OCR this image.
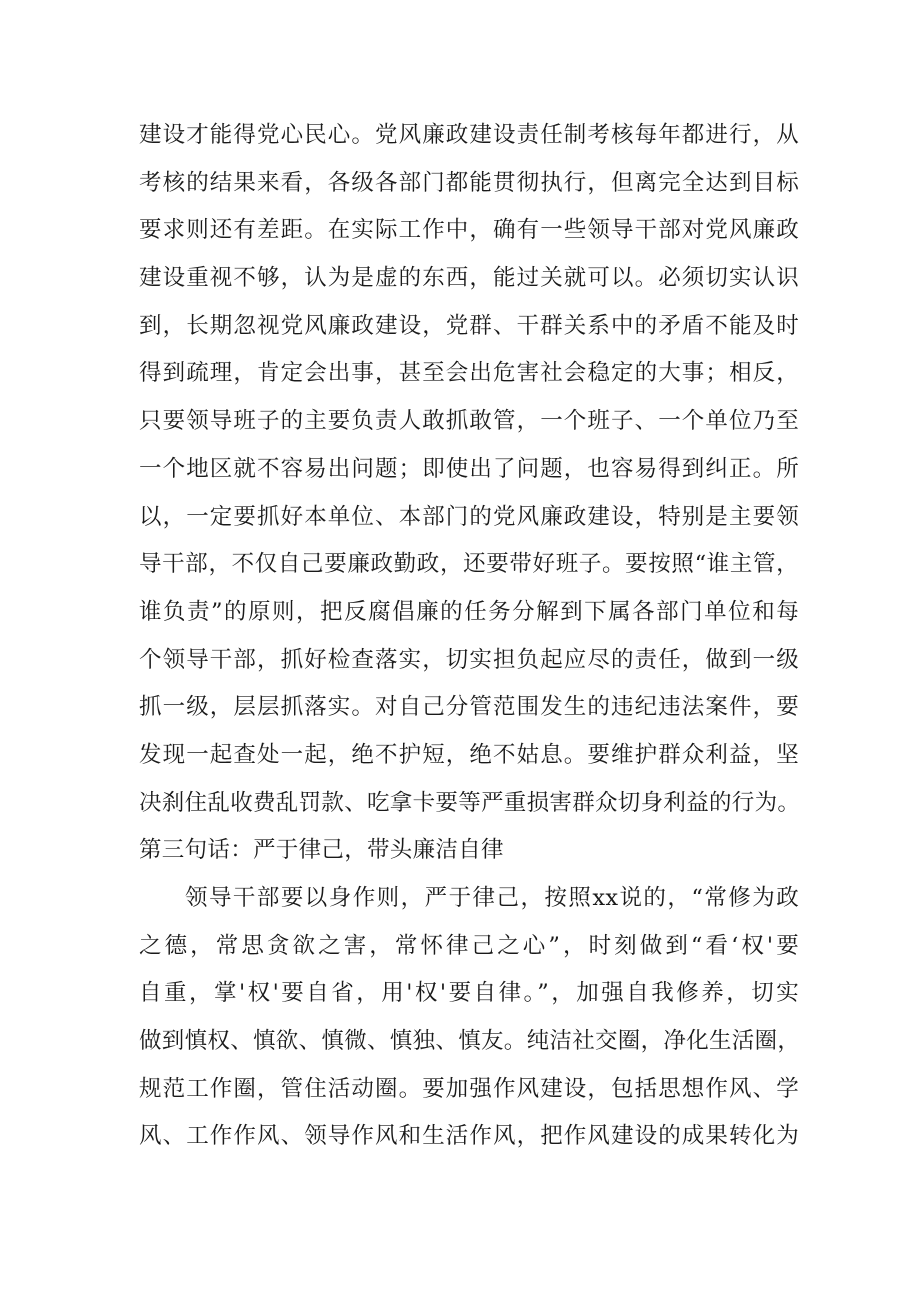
建设才能得党心民心。党风廉政建设责任制考核每年都进行，从
考核的结果来看，各级各部门都能贯彻执行，但离完全达到目标
要求则还有差距。在实际工作中，确有一些领导干部对党风廉政
建设重视不够，认为是虚的东西，能过关就可以。必须切实认识
到，长期忽视党风廉政建设，党群、干群关系中的矛盾不能及时
得到疏理，肯定会出事，甚至会出危害社会稳定的大事；相反，
只要领导班子的主要负责人敢抓敢管，一个班子、一个单位乃至
一个地区就不容易出问题；即使出了问题，也容易得到纠正。所
以，一定要抓好本单位、本部门的党风廉政建设，特别是主要领
导干部，不仅自己要廉政勤政，还要带好班子。要按照“谁主管，
谁负责”的原则，把反腐倡廉的任务分解到下属各部门单位和每
个领导干部，抓好检查落实，切实担负起应尽的责任，做到一级
抓一级，层层抓落实。对自己分管范围发生的违纪违法案件，要
发现一起查处一起，绝不护短，绝不姑息。要维护群众利益，坚
决刹住乱收费乱罚款、吃拿卡要等严重损害群众切身利益的行为。
第三句话：严于律己，带头廉洁自律
领导干部要以身作则，严于律己，按照xx说的，“常修为政
之德，常思贪欲之害，常怀律己之心”，时刻做到“看‘权'要
自重，掌'权'要自省，用'权'要自律。”，加强自我修养，切实
做到慎权、慎欲、慎微、慎独、慎友。纯洁社交圈，净化生活圈，
规范工作圈，管住活动圈。要加强作风建设，包括思想作风、学
风、工作作风、领导作风和生活作风，把作风建设的成果转化为
